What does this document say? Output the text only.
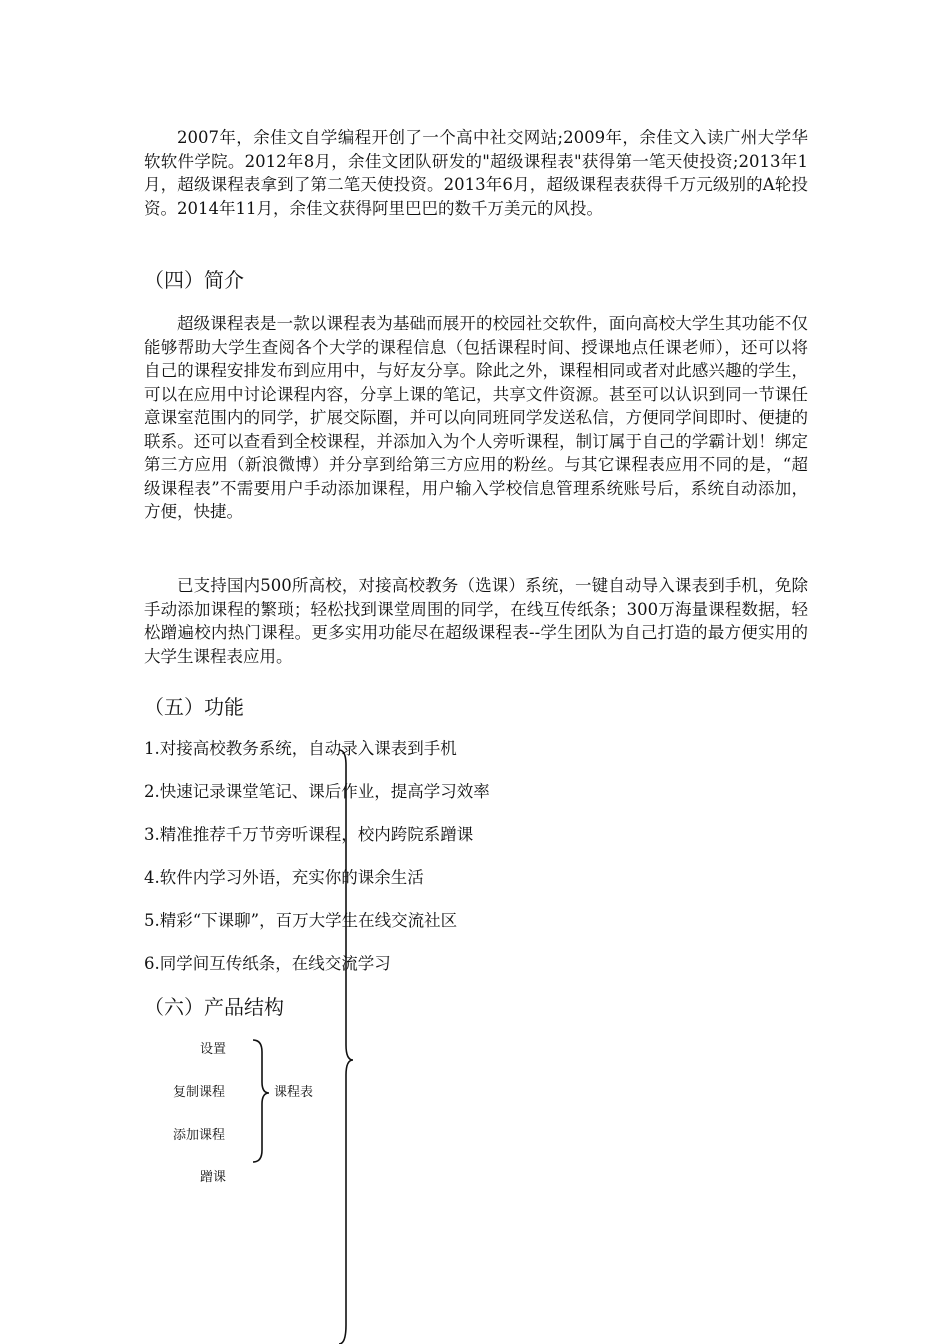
2007年，余佳文自学编程开创了一个高中社交网站;2009年，余佳文入读广州大学华软软件学院。2012年8月，余佳文团队研发的"超级课程表"获得第一笔天使投资;2013年1月，超级课程表拿到了第二笔天使投资。2013年6月，超级课程表获得千万元级别的A轮投资。2014年11月，余佳文获得阿里巴巴的数千万美元的风投。

（四）简介

超级课程表是一款以课程表为基础而展开的校园社交软件，面向高校大学生其功能不仅能够帮助大学生查阅各个大学的课程信息（包括课程时间、授课地点任课老师），还可以将自己的课程安排发布到应用中，与好友分享。除此之外，课程相同或者对此感兴趣的学生，可以在应用中讨论课程内容，分享上课的笔记，共享文件资源。甚至可以认识到同一节课任意课室范围内的同学，扩展交际圈，并可以向同班同学发送私信，方便同学间即时、便捷的联系。还可以查看到全校课程，并添加入为个人旁听课程，制订属于自己的学霸计划！绑定第三方应用（新浪微博）并分享到给第三方应用的粉丝。与其它课程表应用不同的是，“超级课程表”不需要用户手动添加课程，用户输入学校信息管理系统账号后，系统自动添加，方便，快捷。

已支持国内500所高校，对接高校教务（选课）系统，一键自动导入课表到手机，免除手动添加课程的繁琐；轻松找到课堂周围的同学，在线互传纸条；300万海量课程数据，轻松蹭遍校内热门课程。更多实用功能尽在超级课程表--学生团队为自己打造的最方便实用的大学生课程表应用。

（五）功能

1.对接高校教务系统，自动录入课表到手机

2.快速记录课堂笔记、课后作业，提高学习效率

3.精准推荐千万节旁听课程，校内跨院系蹭课

4.软件内学习外语，充实你的课余生活

5.精彩“下课聊”，百万大学生在线交流社区

6.同学间互传纸条，在线交流学习

（六）产品结构
设置
复制课程
添加课程
蹭课
课程表
